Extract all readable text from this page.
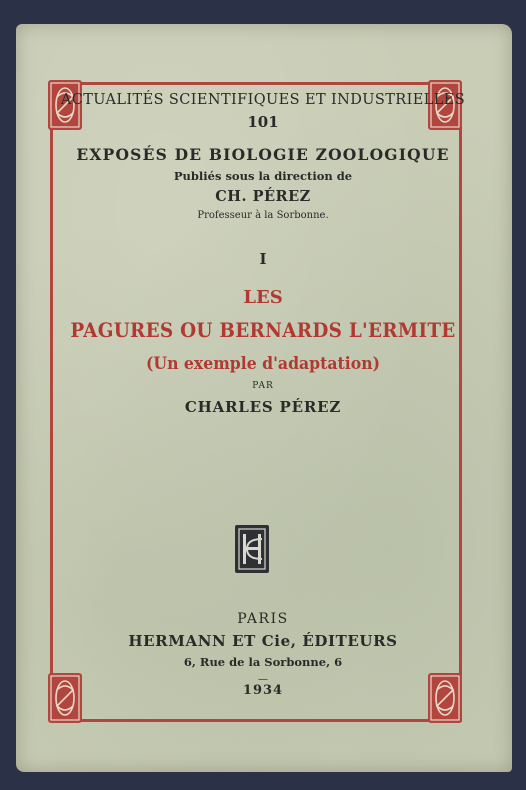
ACTUALITÉS SCIENTIFIQUES ET INDUSTRIELLES
101
EXPOSÉS DE BIOLOGIE ZOOLOGIQUE
Publiés sous la direction de
CH. PÉREZ
Professeur à la Sorbonne.
I
LES
PAGURES OU BERNARDS L'ERMITE
(Un exemple d'adaptation)
PAR
CHARLES PÉREZ
PARIS
HERMANN ET Cie, ÉDITEURS
6, Rue de la Sorbonne, 6
—
1934
